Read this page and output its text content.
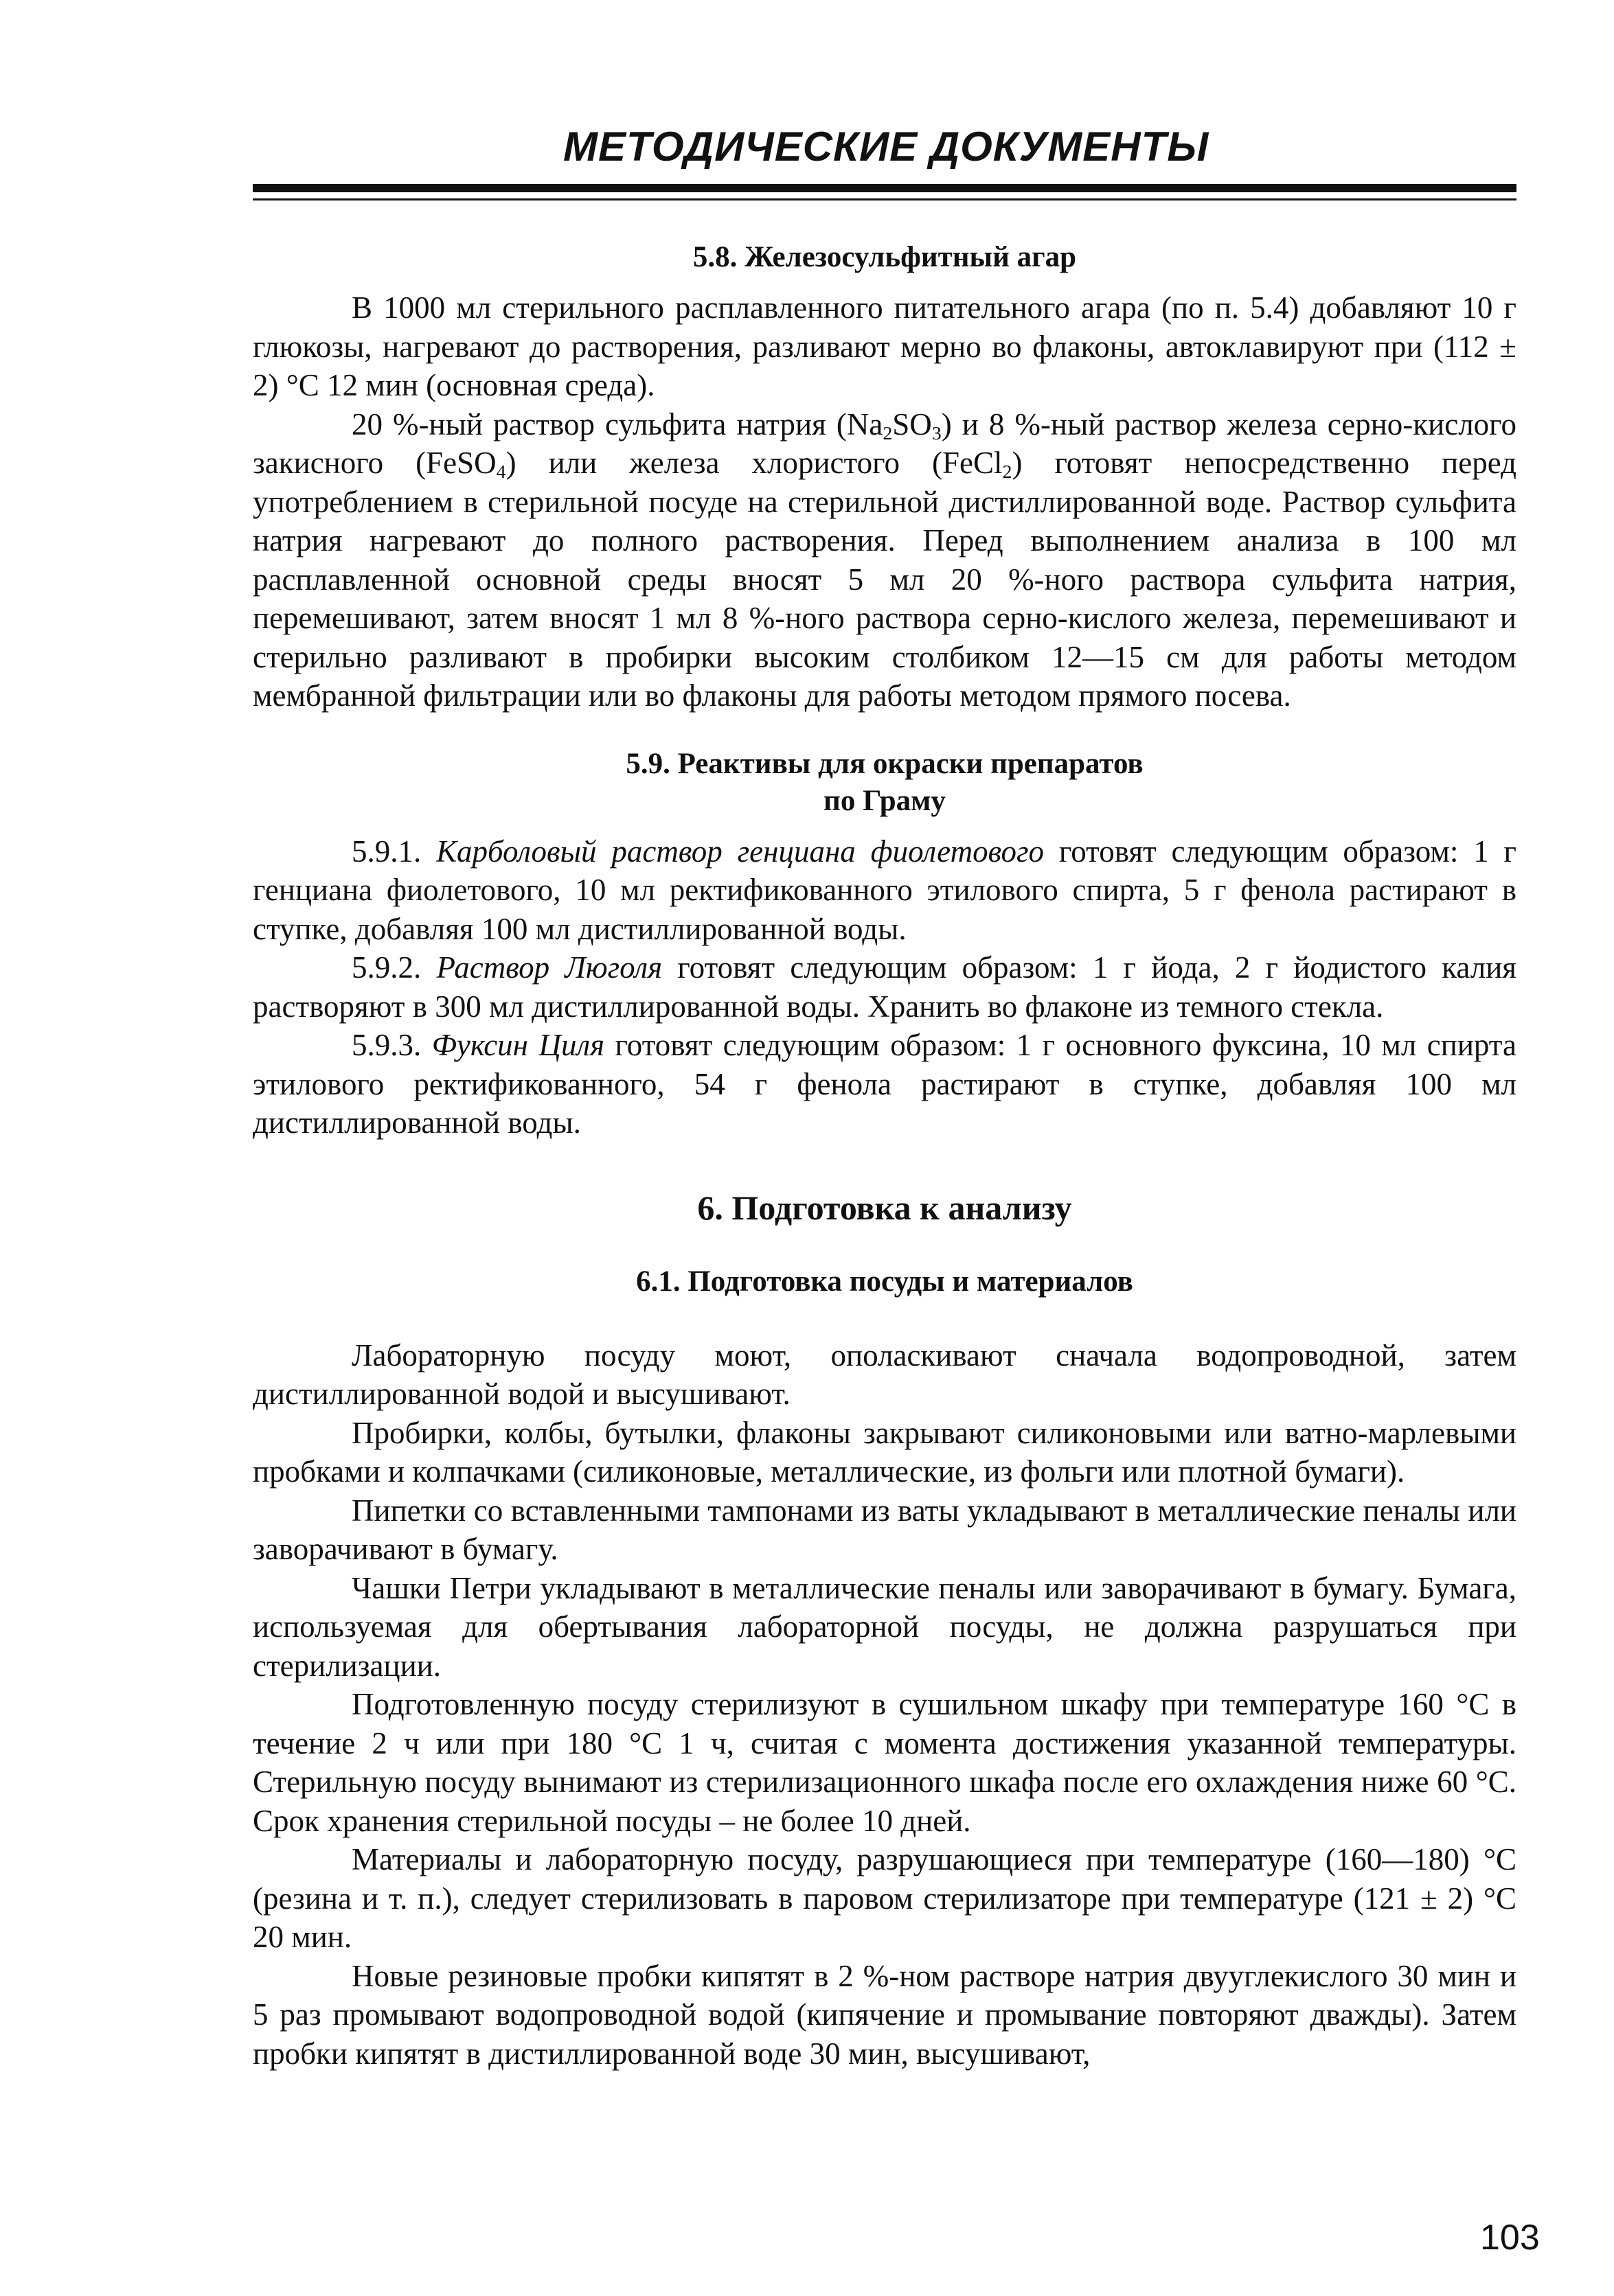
МЕТОДИЧЕСКИЕ ДОКУМЕНТЫ
5.8. Железосульфитный агар

В 1000 мл стерильного расплавленного питательного агара (по п. 5.4) добавляют 10 г глюкозы, нагревают до растворения, разливают мерно во флаконы, автоклавируют при (112 ± 2) °С 12 мин (основная среда).

20 %-ный раствор сульфита натрия $(Na_2SO_3)$ и 8 %-ный раствор железа серно-кислого закисного (FeSO$_4$) или железа хлористого (FeCl$_2$) готовят непосредственно перед употреблением в стерильной посуде на стерильной дистиллированной воде. Раствор сульфита натрия нагревают до полного растворения. Перед выполнением анализа в 100 мл расплавленной основной среды вносят 5 мл 20 %-ного раствора сульфита натрия, перемешивают, затем вносят 1 мл 8 %-ного раствора серно-кислого железа, перемешивают и стерильно разливают в пробирки высоким столбиком 12—15 см для работы методом мембранной фильтрации или во флаконы для работы методом прямого посева.

5.9. Реактивы для окраски препаратов
по Граму

5.9.1. Карболовый раствор генциана фиолетового готовят следующим образом: 1 г генциана фиолетового, 10 мл ректификованного этилового спирта, 5 г фенола растирают в ступке, добавляя 100 мл дистиллированной воды.

5.9.2. Раствор Люголя готовят следующим образом: 1 г йода, 2 г йодистого калия растворяют в 300 мл дистиллированной воды. Хранить во флаконе из темного стекла.

5.9.3. Фуксин Циля готовят следующим образом: 1 г основного фуксина, 10 мл спирта этилового ректификованного, 54 г фенола растирают в ступке, добавляя 100 мл дистиллированной воды.

6. Подготовка к анализу
6.1. Подготовка посуды и материалов

Лабораторную посуду моют, ополаскивают сначала водопроводной, затем дистиллированной водой и высушивают.

Пробирки, колбы, бутылки, флаконы закрывают силиконовыми или ватно-марлевыми пробками и колпачками (силиконовые, металлические, из фольги или плотной бумаги).

Пипетки со вставленными тампонами из ваты укладывают в металлические пеналы или заворачивают в бумагу.

Чашки Петри укладывают в металлические пеналы или заворачивают в бумагу. Бумага, используемая для обертывания лабораторной посуды, не должна разрушаться при стерилизации.

Подготовленную посуду стерилизуют в сушильном шкафу при температуре 160 °С в течение 2 ч или при 180 °С 1 ч, считая с момента достижения указанной температуры. Стерильную посуду вынимают из стерилизационного шкафа после его охлаждения ниже 60 °С. Срок хранения стерильной посуды – не более 10 дней.

Материалы и лабораторную посуду, разрушающиеся при температуре (160—180) °С (резина и т. п.), следует стерилизовать в паровом стерилизаторе при температуре (121 ± 2) °С 20 мин.

Новые резиновые пробки кипятят в 2 %-ном растворе натрия двууглекислого 30 мин и 5 раз промывают водопроводной водой (кипячение и промывание повторяют дважды). Затем пробки кипятят в дистиллированной воде 30 мин, высушивают,

103
